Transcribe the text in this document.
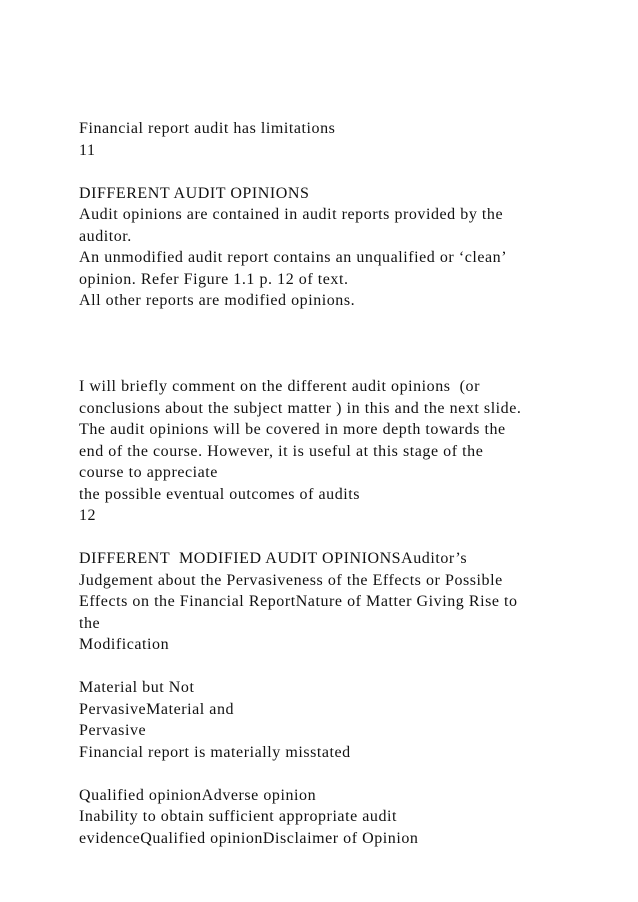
Financial report audit has limitations
11
DIFFERENT AUDIT OPINIONS
Audit opinions are contained in audit reports provided by the
auditor.
An unmodified audit report contains an unqualified or ‘clean’
opinion. Refer Figure 1.1 p. 12 of text.
All other reports are modified opinions.
I will briefly comment on the different audit opinions  (or
conclusions about the subject matter ) in this and the next slide.
The audit opinions will be covered in more depth towards the
end of the course. However, it is useful at this stage of the
course to appreciate
the possible eventual outcomes of audits
12
DIFFERENT  MODIFIED AUDIT OPINIONSAuditor’s
Judgement about the Pervasiveness of the Effects or Possible
Effects on the Financial ReportNature of Matter Giving Rise to
the
Modification
Material but Not
PervasiveMaterial and
Pervasive
Financial report is materially misstated
Qualified opinionAdverse opinion
Inability to obtain sufficient appropriate audit
evidenceQualified opinionDisclaimer of Opinion
